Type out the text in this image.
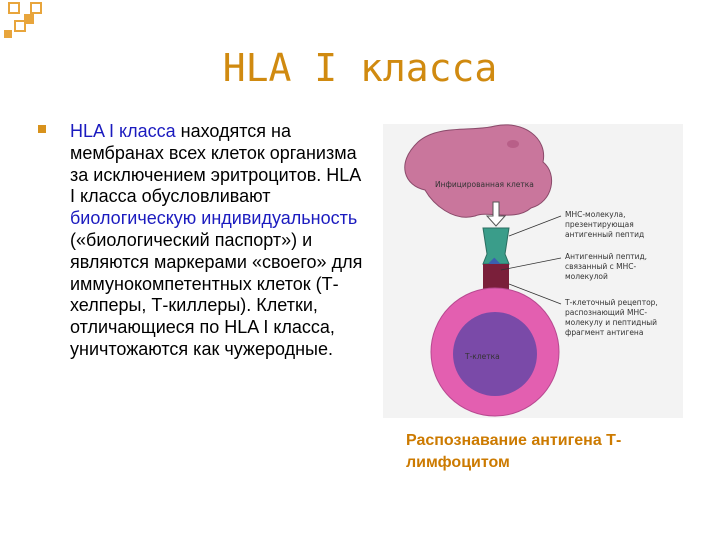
HLA I класса
HLA I класса находятся на мембранах всех клеток организма за исключением эритроцитов. HLA I класса обусловливают биологическую индивидуальность («биологический паспорт») и являются маркерами «своего» для иммунокомпетентных клеток (Т-хелперы, Т-киллеры). Клетки, отличающиеся по HLA I класса, уничтожаются как чужеродные.
Инфицированная клетка
Т-клетка
МНС-молекула, презентирующая антигенный пептид
Антигенный пептид, связанный с МНС-молекулой
Т-клеточный рецептор, распознающий МНС-молекулу и пептидный фрагмент антигена
Распознавание антигена Т-лимфоцитом
